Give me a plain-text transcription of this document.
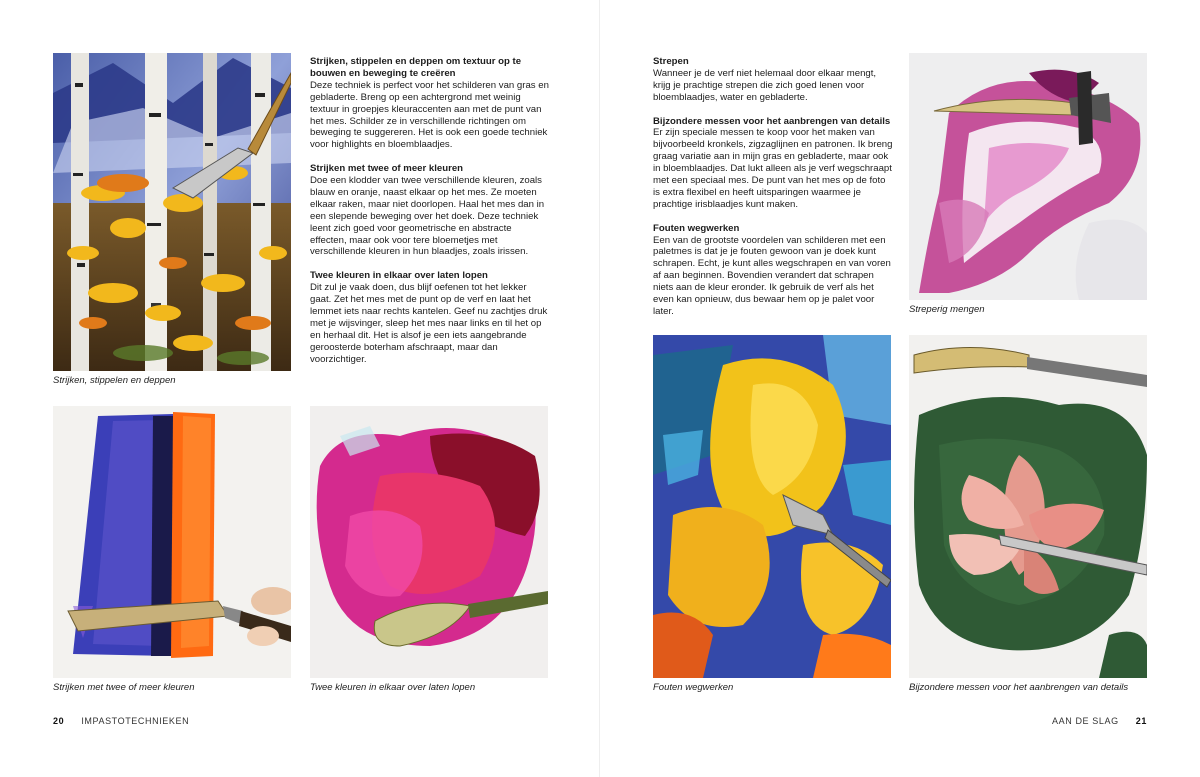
Strijken, stippelen en deppen
Strijken, stippelen en deppen om textuur op te bouwen en beweging te creëren

Deze techniek is perfect voor het schilderen van gras en gebladerte. Breng op een achtergrond met weinig textuur in groepjes kleuraccenten aan met de punt van het mes. Schilder ze in verschillende richtingen om beweging te suggereren. Het is ook een goede techniek voor highlights en bloemblaadjes.

Strijken met twee of meer kleuren

Doe een klodder van twee verschillende kleuren, zoals blauw en oranje, naast elkaar op het mes. Ze moeten elkaar raken, maar niet doorlopen. Haal het mes dan in een slepende beweging over het doek. Deze techniek leent zich goed voor geometrische en abstracte effecten, maar ook voor tere bloemetjes met verschillende kleuren in hun blaadjes, zoals irissen.

Twee kleuren in elkaar over laten lopen

Dit zul je vaak doen, dus blijf oefenen tot het lekker gaat. Zet het mes met de punt op de verf en laat het lemmet iets naar rechts kantelen. Geef nu zachtjes druk met je wijsvinger, sleep het mes naar links en til het op en herhaal dit. Het is alsof je een iets aangebrande geroosterde boterham afschraapt, maar dan voorzichtiger.

Strijken met twee of meer kleuren	Twee kleuren in elkaar over laten lopen
20 IMPASTOTECHNIEKEN
Strepen

Wanneer je de verf niet helemaal door elkaar mengt, krijg je prachtige strepen die zich goed lenen voor bloemblaadjes, water en gebladerte.

Bijzondere messen voor het aanbrengen van details

Er zijn speciale messen te koop voor het maken van bijvoorbeeld kronkels, zigzaglijnen en patronen. Ik breng graag variatie aan in mijn gras en gebladerte, maar ook in bloemblaadjes. Dat lukt alleen als je verf wegschraapt met een speciaal mes. De punt van het mes op de foto is extra flexibel en heeft uitsparingen waarmee je prachtige irisblaadjes kunt maken.

Fouten wegwerken

Een van de grootste voordelen van schilderen met een paletmes is dat je je fouten gewoon van je doek kunt schrapen. Echt, je kunt alles wegschrapen en van voren af aan beginnen. Bovendien verandert dat schrapen niets aan de kleur eronder. Ik gebruik de verf als het even kan opnieuw, dus bewaar hem op je palet voor later.	Streperig mengen
Fouten wegwerken	Bijzondere messen voor het aanbrengen van details
AAN DE SLAG 21
